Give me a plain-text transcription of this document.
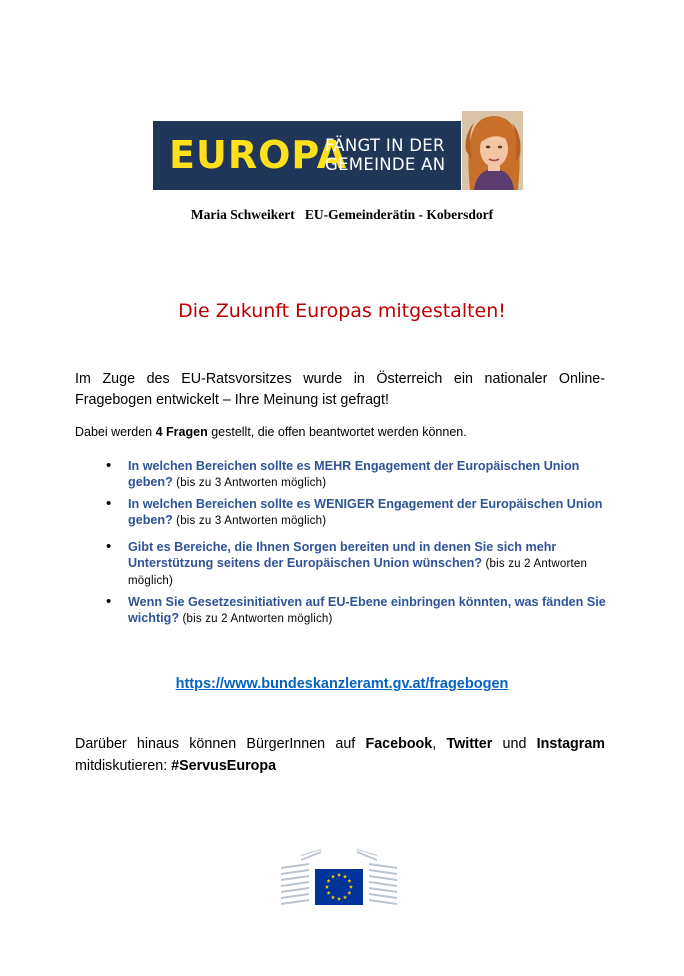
EUROPA
FÄNGT IN DER
GEMEINDE AN
Maria Schweikert EU-Gemeinderätin - Kobersdorf
Die Zukunft Europas mitgestalten!
Im Zuge des EU-Ratsvorsitzes wurde in Österreich ein nationaler Online-Fragebogen entwickelt – Ihre Meinung ist gefragt!
Dabei werden 4 Fragen gestellt, die offen beantwortet werden können.
• In welchen Bereichen sollte es MEHR Engagement der Europäischen Union geben? (bis zu 3 Antworten möglich)
• In welchen Bereichen sollte es WENIGER Engagement der Europäischen Union geben? (bis zu 3 Antworten möglich)
• Gibt es Bereiche, die Ihnen Sorgen bereiten und in denen Sie sich mehr Unterstützung seitens der Europäischen Union wünschen? (bis zu 2 Antworten möglich)
• Wenn Sie Gesetzesinitiativen auf EU-Ebene einbringen könnten, was fänden Sie wichtig? (bis zu 2 Antworten möglich)
https://www.bundeskanzleramt.gv.at/fragebogen
Darüber hinaus können BürgerInnen auf Facebook, Twitter und Instagram mitdiskutieren: #ServusEuropa
